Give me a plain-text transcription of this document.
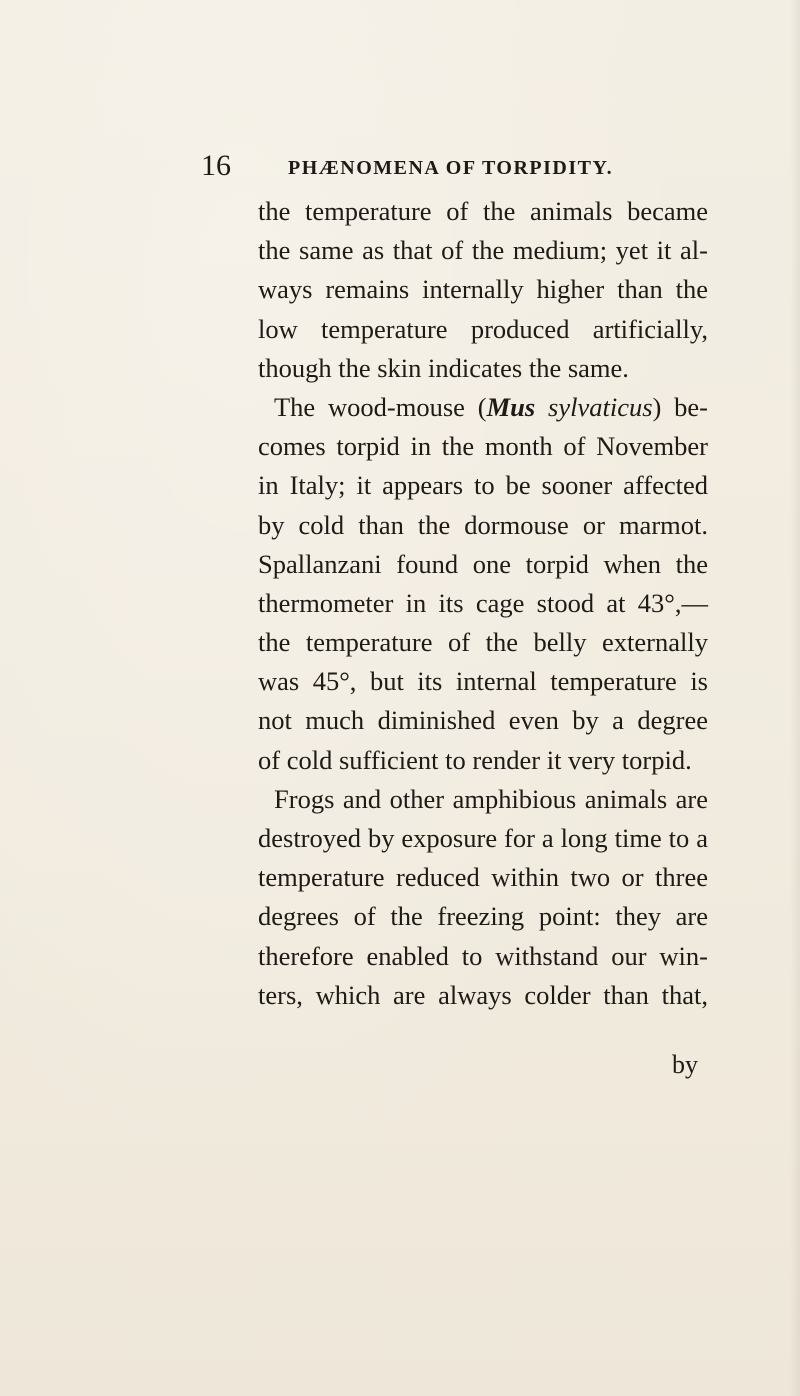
16	PHÆNOMENA OF TORPIDITY.
the temperature of the animals became
the same as that of the medium; yet it al-
ways remains internally higher than the
low temperature produced artificially,
though the skin indicates the same.
The wood-mouse (Mus sylvaticus) be-
comes torpid in the month of November
in Italy; it appears to be sooner affected
by cold than the dormouse or marmot.
Spallanzani found one torpid when the
thermometer in its cage stood at 43°,—
the temperature of the belly externally
was 45°, but its internal temperature is
not much diminished even by a degree
of cold sufficient to render it very torpid.
Frogs and other amphibious animals are
destroyed by exposure for a long time to a
temperature reduced within two or three
degrees of the freezing point: they are
therefore enabled to withstand our win-
ters, which are always colder than that,
by
